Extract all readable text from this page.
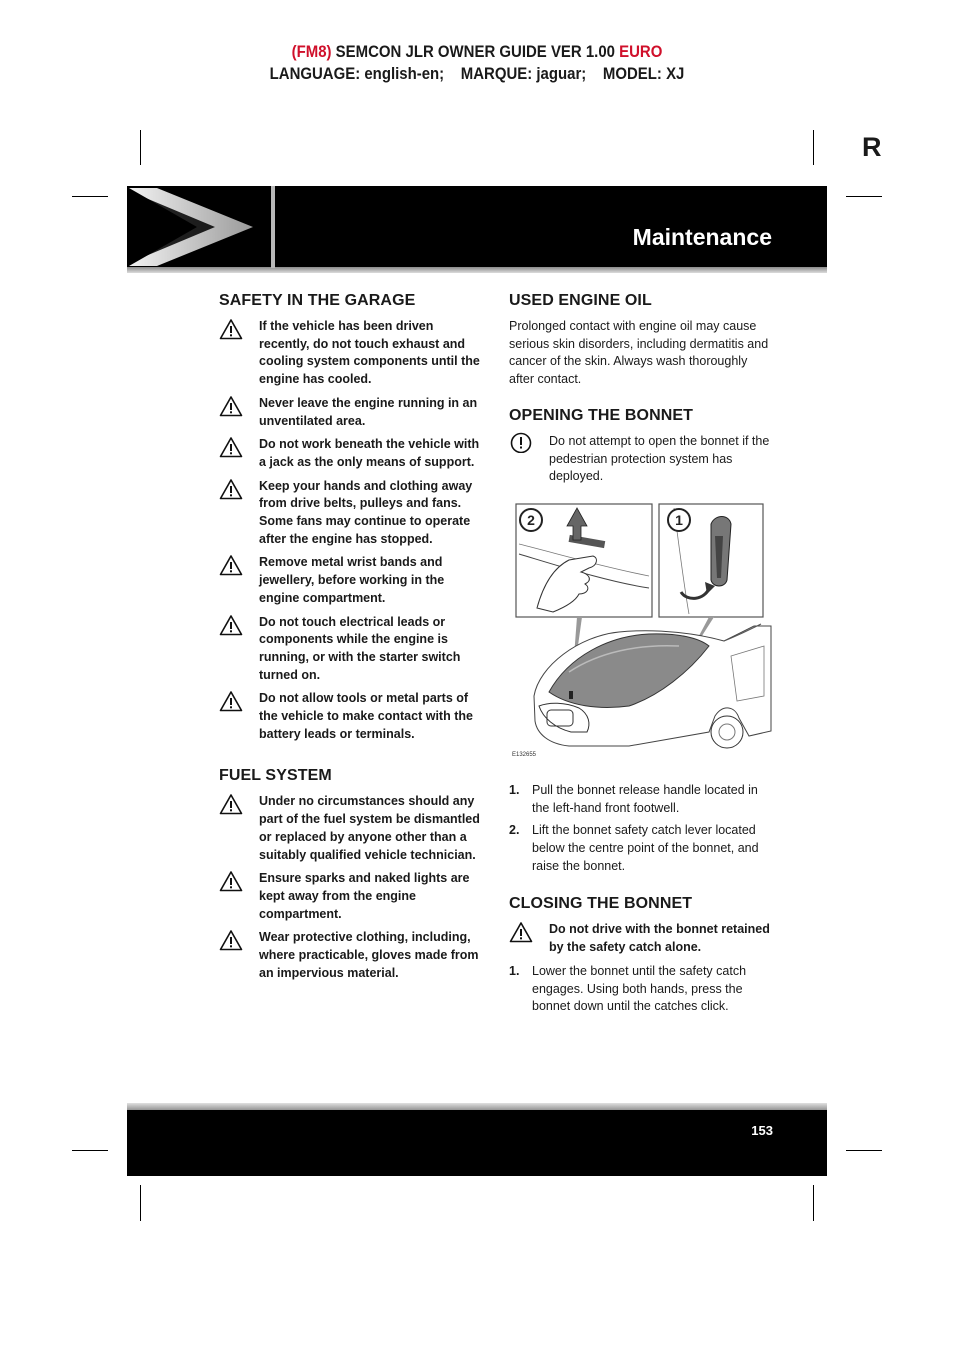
(FM8) SEMCON JLR OWNER GUIDE VER 1.00 EURO
LANGUAGE: english-en;    MARQUE: jaguar;    MODEL: XJ
R
Maintenance
SAFETY IN THE GARAGE
If the vehicle has been driven recently, do not touch exhaust and cooling system components until the engine has cooled.
Never leave the engine running in an unventilated area.
Do not work beneath the vehicle with a jack as the only means of support.
Keep your hands and clothing away from drive belts, pulleys and fans. Some fans may continue to operate after the engine has stopped.
Remove metal wrist bands and jewellery, before working in the engine compartment.
Do not touch electrical leads or components while the engine is running, or with the starter switch turned on.
Do not allow tools or metal parts of the vehicle to make contact with the battery leads or terminals.
FUEL SYSTEM
Under no circumstances should any part of the fuel system be dismantled or replaced by anyone other than a suitably qualified vehicle technician.
Ensure sparks and naked lights are kept away from the engine compartment.
Wear protective clothing, including, where practicable, gloves made from an impervious material.
USED ENGINE OIL

Prolonged contact with engine oil may cause serious skin disorders, including dermatitis and cancer of the skin. Always wash thoroughly after contact.

OPENING THE BONNET
Do not attempt to open the bonnet if the pedestrian protection system has deployed.
2	1
E132655
1. Pull the bonnet release handle located in the left-hand front footwell.
2. Lift the bonnet safety catch lever located below the centre point of the bonnet, and raise the bonnet.
CLOSING THE BONNET
Do not drive with the bonnet retained by the safety catch alone.
1. Lower the bonnet until the safety catch engages. Using both hands, press the bonnet down until the catches click.
153
